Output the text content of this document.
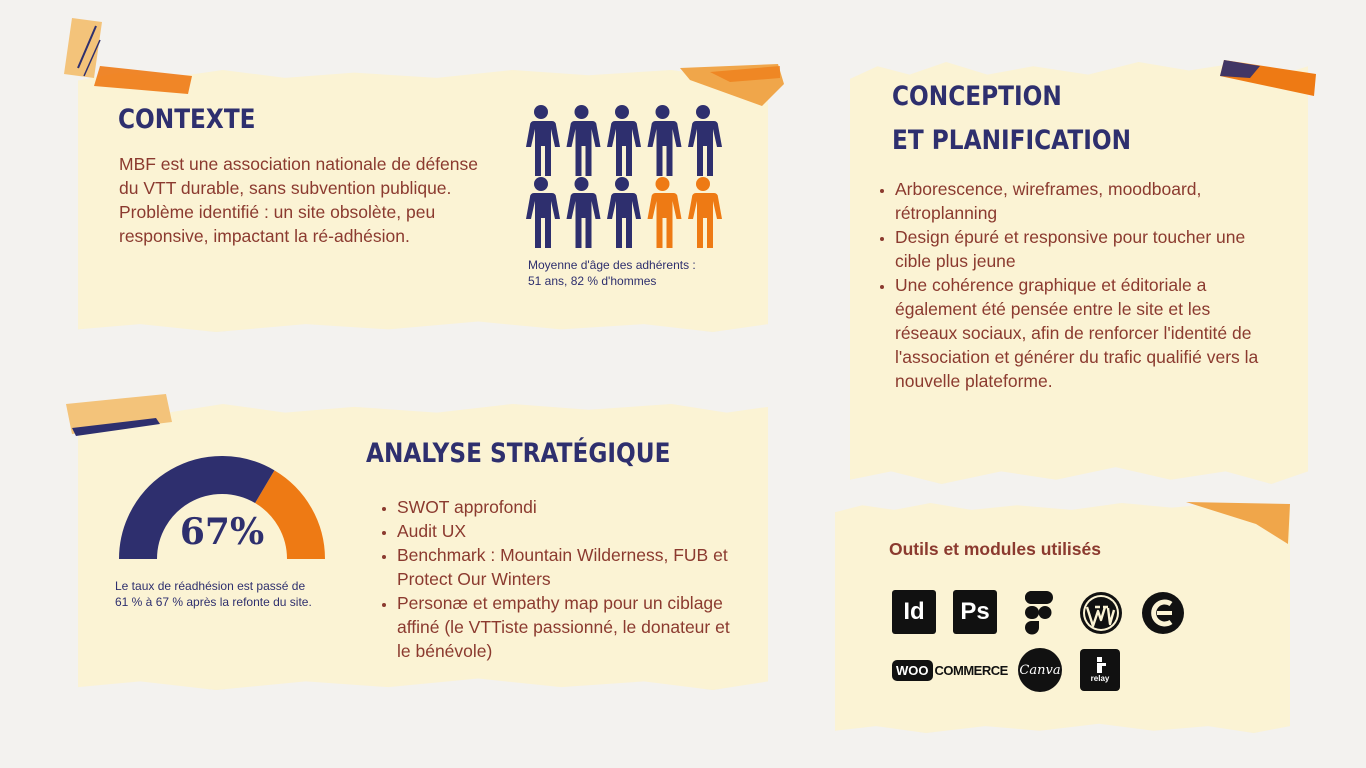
CONTEXTE

MBF est une association nationale de défense du VTT durable, sans subvention publique.

Problème identifié : un site obsolète, peu responsive, impactant la ré-adhésion.

Moyenne d'âge des adhérents :
51 ans, 82 % d'hommes
CONCEPTION
ET PLANIFICATION
• Arborescence, wireframes, moodboard, rétroplanning
• Design épuré et responsive pour toucher une cible plus jeune
• Une cohérence graphique et éditoriale a également été pensée entre le site et les réseaux sociaux, afin de renforcer l'identité de l'association et générer du trafic qualifié vers la nouvelle plateforme.
67%
Le taux de réadhésion est passé de
61 % à 67 % après la refonte du site.
ANALYSE STRATÉGIQUE
• SWOT approfondi
• Audit UX
• Benchmark : Mountain Wilderness, FUB et Protect Our Winters
• Personæ et empathy map pour un ciblage affiné (le VTTiste passionné, le donateur et le bénévole)
Outils et modules utilisés
Id Ps
WOO COMMERCE Canva
relay
